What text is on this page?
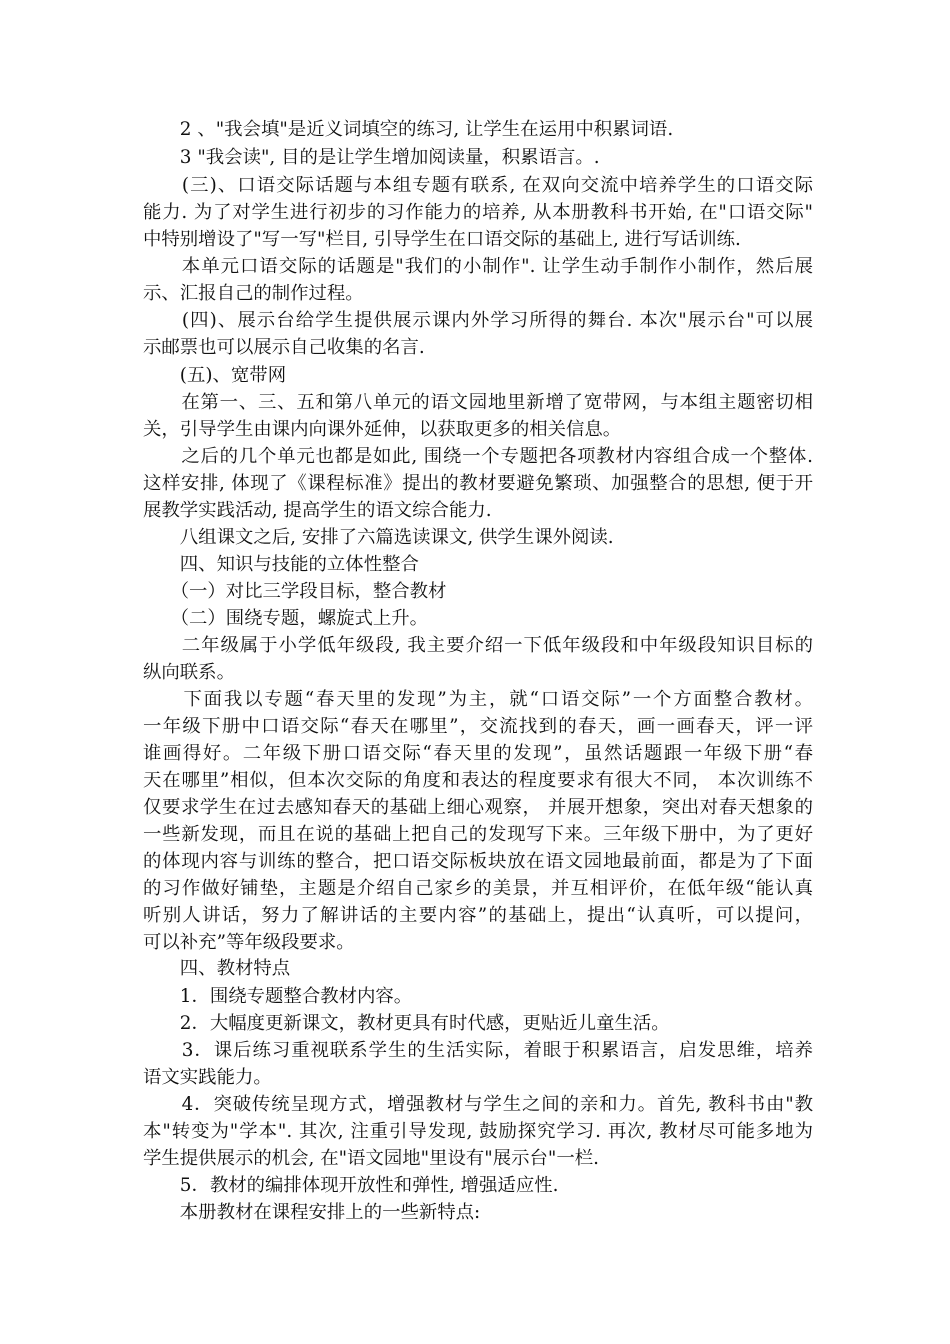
　　2 、"我会填"是近义词填空的练习, 让学生在运用中积累词语.
　　3 "我会读", 目的是让学生增加阅读量，积累语言。.
　　(三)、口语交际话题与本组专题有联系, 在双向交流中培养学生的口语交际
能力. 为了对学生进行初步的习作能力的培养, 从本册教科书开始, 在"口语交际"
中特别增设了"写一写"栏目, 引导学生在口语交际的基础上, 进行写话训练.
　　本单元口语交际的话题是"我们的小制作". 让学生动手制作小制作，然后展
示、汇报自己的制作过程。
　　(四)、展示台给学生提供展示课内外学习所得的舞台. 本次"展示台"可以展
示邮票也可以展示自己收集的名言.
　　(五)、宽带网
　　在第一、三、五和第八单元的语文园地里新增了宽带网，与本组主题密切相
关，引导学生由课内向课外延伸，以获取更多的相关信息。
　　之后的几个单元也都是如此, 围绕一个专题把各项教材内容组合成一个整体.
这样安排, 体现了《课程标准》提出的教材要避免繁琐、加强整合的思想, 便于开
展教学实践活动, 提高学生的语文综合能力.
　　八组课文之后, 安排了六篇选读课文, 供学生课外阅读.
　　四、知识与技能的立体性整合
　　（一）对比三学段目标，整合教材
　　（二）围绕专题，螺旋式上升。
　　二年级属于小学低年级段, 我主要介绍一下低年级段和中年级段知识目标的
纵向联系。
　　下面我以专题“春天里的发现”为主，就“口语交际”一个方面整合教材。
一年级下册中口语交际“春天在哪里”，交流找到的春天，画一画春天，评一评
谁画得好。二年级下册口语交际“春天里的发现”，虽然话题跟一年级下册“春
天在哪里”相似，但本次交际的角度和表达的程度要求有很大不同， 本次训练不
仅要求学生在过去感知春天的基础上细心观察， 并展开想象，突出对春天想象的
一些新发现，而且在说的基础上把自己的发现写下来。三年级下册中，为了更好
的体现内容与训练的整合，把口语交际板块放在语文园地最前面，都是为了下面
的习作做好铺垫，主题是介绍自己家乡的美景，并互相评价，在低年级“能认真
听别人讲话，努力了解讲话的主要内容”的基础上，提出“认真听，可以提问，
可以补充”等年级段要求。
　　四、教材特点
　　1．围绕专题整合教材内容。
　　2．大幅度更新课文，教材更具有时代感，更贴近儿童生活。
　　3．课后练习重视联系学生的生活实际，着眼于积累语言，启发思维，培养
语文实践能力。
　　4．突破传统呈现方式，增强教材与学生之间的亲和力。首先, 教科书由"教
本"转变为"学本". 其次, 注重引导发现, 鼓励探究学习. 再次, 教材尽可能多地为
学生提供展示的机会, 在"语文园地"里设有"展示台"一栏.
　　5．教材的编排体现开放性和弹性, 增强适应性.
　　本册教材在课程安排上的一些新特点:
